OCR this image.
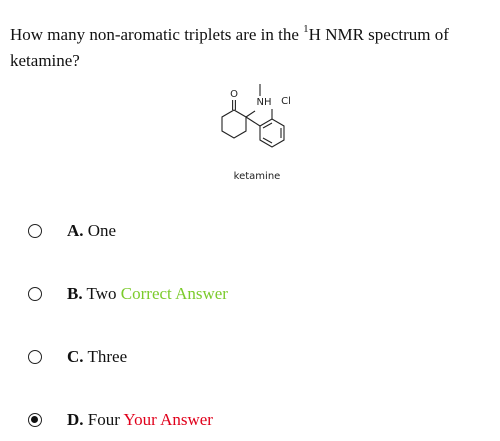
How many non-aromatic triplets are in the $^1$H NMR spectrum of ketamine?
O
NH Cl
ketamine
A. One
B. Two Correct Answer
C. Three
D. Four Your Answer
